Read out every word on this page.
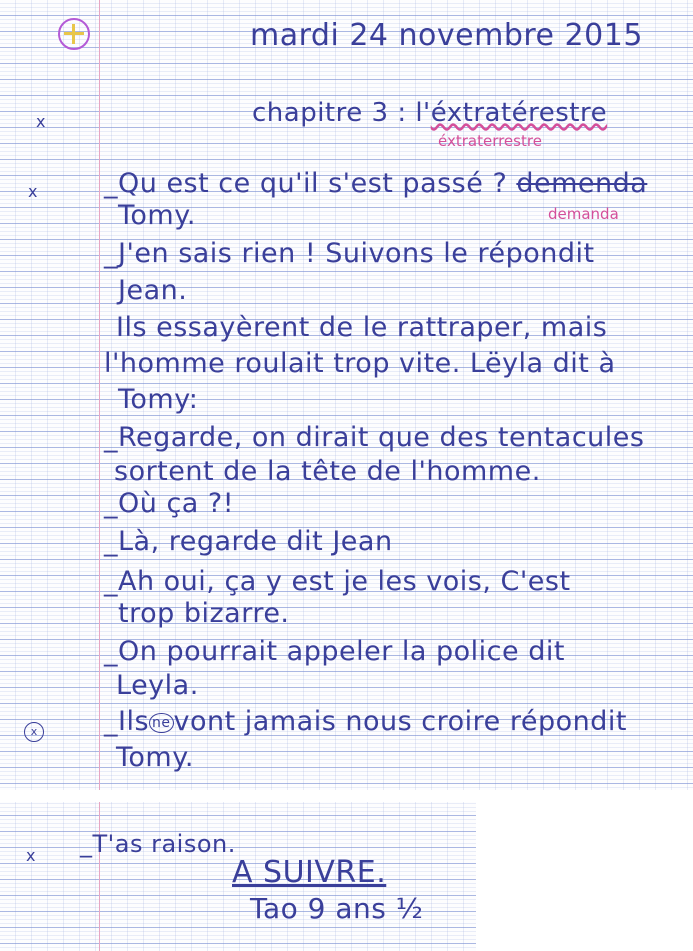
mardi 24 novembre 2015
x	chapitre 3 : l'éxtratérestre
éxtraterrestre
x _Qu est ce qu'il s'est passé ? demenda
demanda
Tomy.
_J'en sais rien ! Suivons le répondit
Jean.
Ils essayèrent de le rattraper, mais
l'homme roulait trop vite. Lëyla dit à
Tomy:
_Regarde, on dirait que des tentacules
sortent de la tête de l'homme.
_Où ça ?!
_Là, regarde dit Jean
_Ah oui, ça y est je les vois, C'est
trop bizarre.
_On pourrait appeler la police dit
Leyla.
x _Ils ne vont jamais nous croire répondit
Tomy.
x _T'as raison.
A SUIVRE.
Tao 9 ans ½
